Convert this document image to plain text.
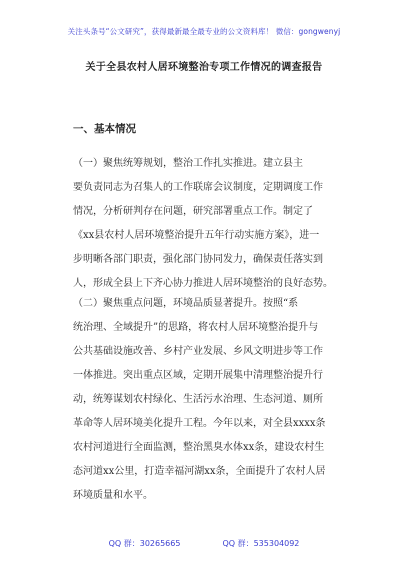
关注头条号“公文研究”，获得最新最全最专业的公文资料库！ 微信：gongwenyj
关于全县农村人居环境整治专项工作情况的调查报告
一、基本情况
（一）聚焦统筹规划，整治工作扎实推进。建立县主
要负责同志为召集人的工作联席会议制度，定期调度工作
情况，分析研判存在问题，研究部署重点工作。制定了
《xx县农村人居环境整治提升五年行动实施方案》，进一
步明晰各部门职责，强化部门协同发力，确保责任落实到
人，形成全县上下齐心协力推进人居环境整治的良好态势。
（二）聚焦重点问题，环境品质显著提升。按照“系
统治理、全域提升”的思路，将农村人居环境整治提升与
公共基础设施改善、乡村产业发展、乡风文明进步等工作
一体推进。突出重点区域，定期开展集中清理整治提升行
动，统筹谋划农村绿化、生活污水治理、生态河道、厕所
革命等人居环境美化提升工程。今年以来，对全县xxxx条
农村河道进行全面监测，整治黑臭水体xx条，建设农村生
态河道xx公里，打造幸福河湖xx条，全面提升了农村人居
环境质量和水平。
QQ 群：30265665	QQ 群：535304092
